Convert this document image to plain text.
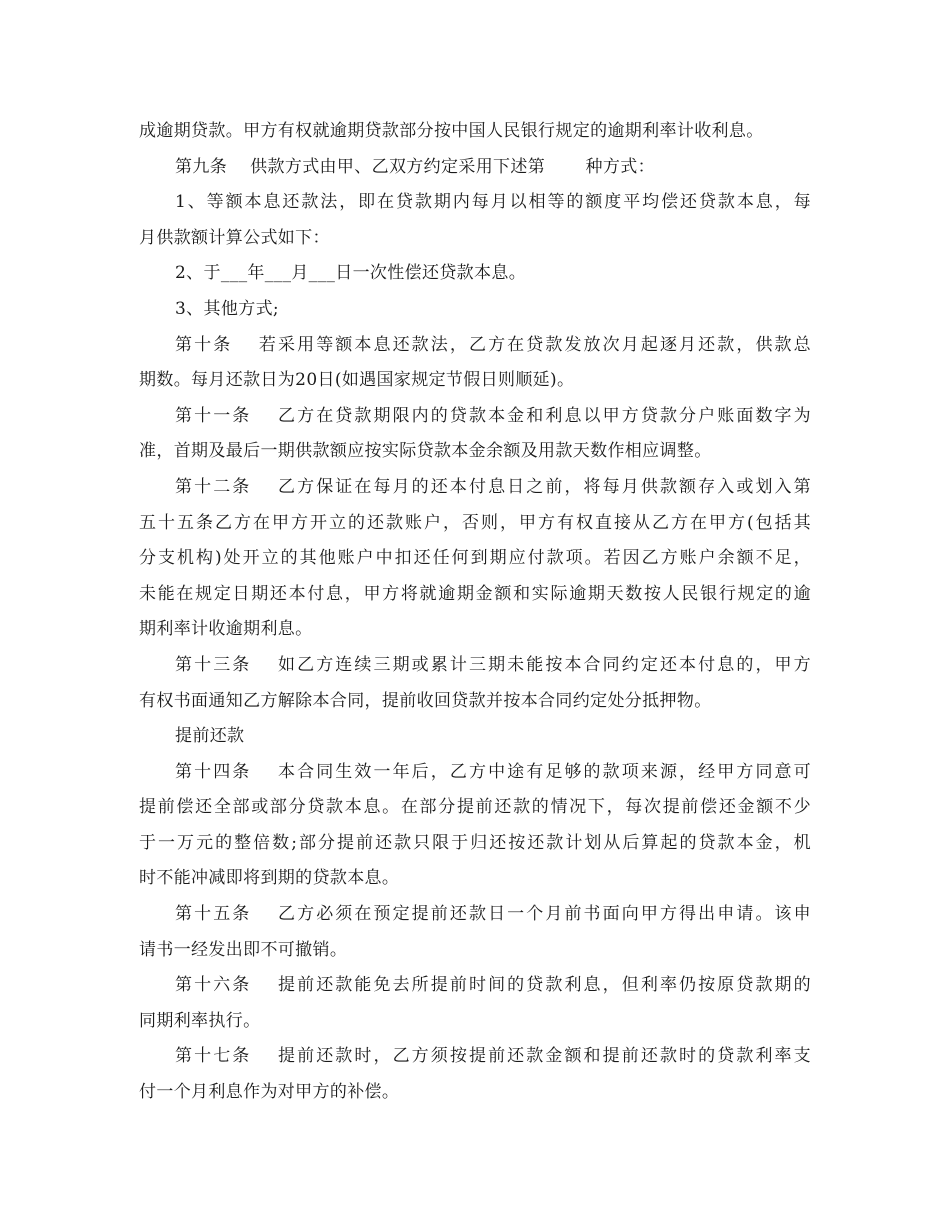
成逾期贷款。甲方有权就逾期贷款部分按中国人民银行规定的逾期利率计收利息。
第九条　 供款方式由甲、乙双方约定采用下述第　　 种方式：
1、等额本息还款法，即在贷款期内每月以相等的额度平均偿还贷款本息，每
月供款额计算公式如下：
2、于___年___月___日一次性偿还贷款本息。
3、其他方式;
第十条　 若采用等额本息还款法，乙方在贷款发放次月起逐月还款，供款总
期数。每月还款日为20日(如遇国家规定节假日则顺延)。
第十一条　 乙方在贷款期限内的贷款本金和利息以甲方贷款分户账面数字为
准，首期及最后一期供款额应按实际贷款本金余额及用款天数作相应调整。
第十二条　 乙方保证在每月的还本付息日之前，将每月供款额存入或划入第
五十五条乙方在甲方开立的还款账户，否则，甲方有权直接从乙方在甲方(包括其
分支机构)处开立的其他账户中扣还任何到期应付款项。若因乙方账户余额不足，
未能在规定日期还本付息，甲方将就逾期金额和实际逾期天数按人民银行规定的逾
期利率计收逾期利息。
第十三条　 如乙方连续三期或累计三期未能按本合同约定还本付息的，甲方
有权书面通知乙方解除本合同，提前收回贷款并按本合同约定处分抵押物。
提前还款
第十四条　 本合同生效一年后，乙方中途有足够的款项来源，经甲方同意可
提前偿还全部或部分贷款本息。在部分提前还款的情况下，每次提前偿还金额不少
于一万元的整倍数;部分提前还款只限于归还按还款计划从后算起的贷款本金，机
时不能冲减即将到期的贷款本息。
第十五条　 乙方必须在预定提前还款日一个月前书面向甲方得出申请。该申
请书一经发出即不可撤销。
第十六条　 提前还款能免去所提前时间的贷款利息，但利率仍按原贷款期的
同期利率执行。
第十七条　 提前还款时，乙方须按提前还款金额和提前还款时的贷款利率支
付一个月利息作为对甲方的补偿。
